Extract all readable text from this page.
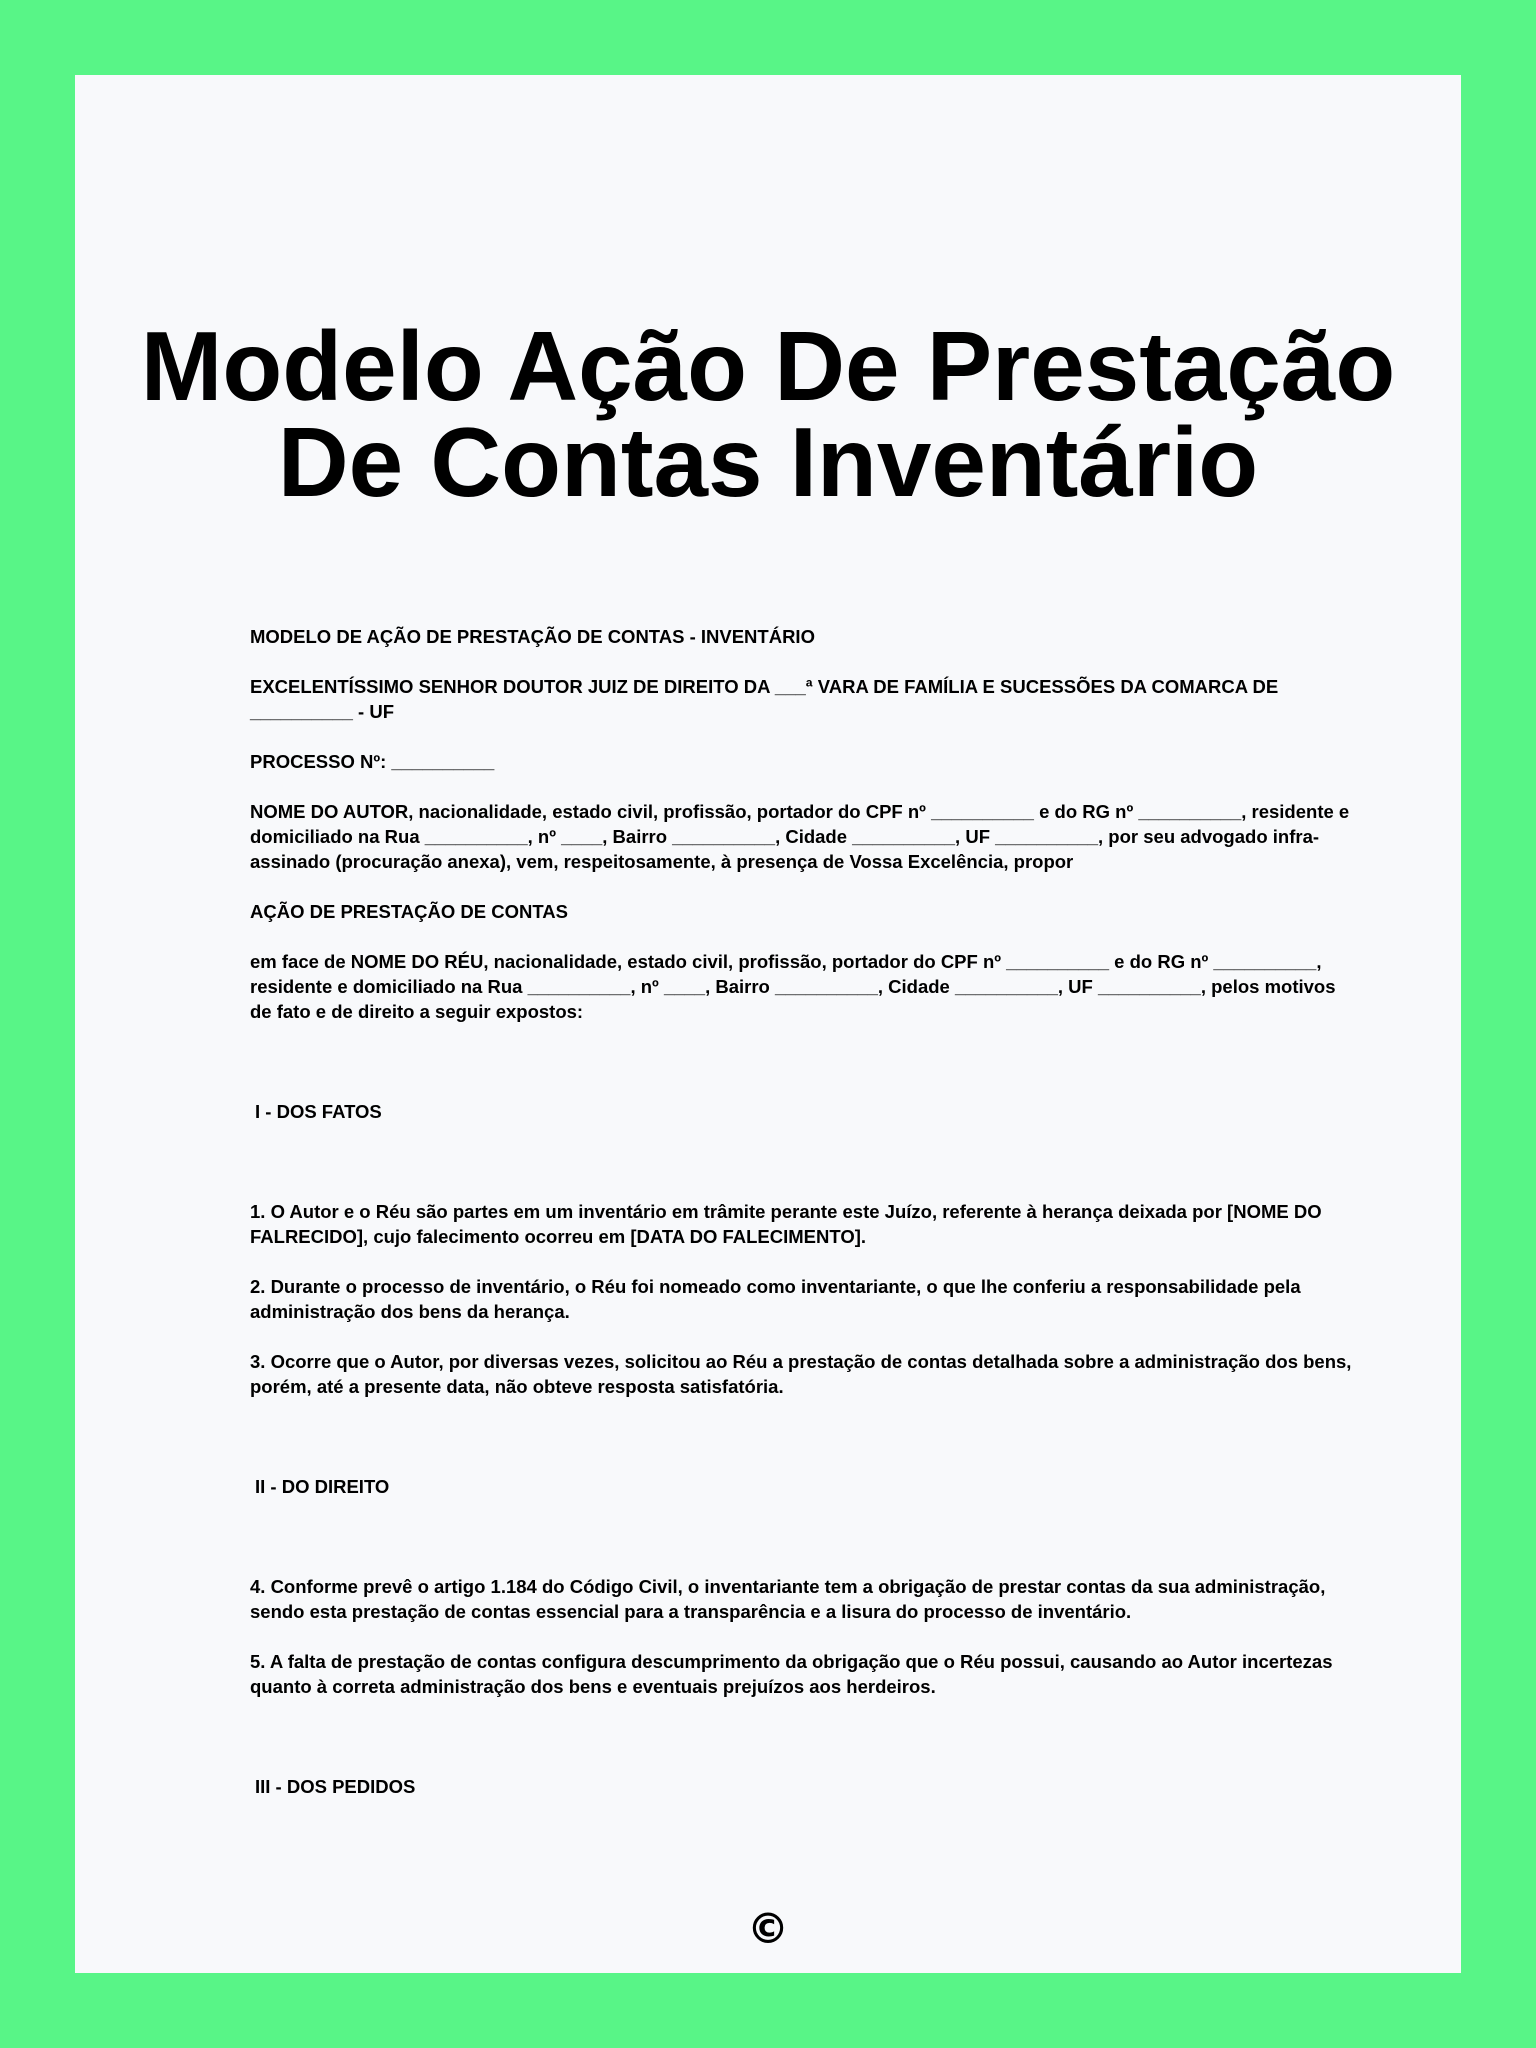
Modelo Ação De Prestação
De Contas Inventário

MODELO DE AÇÃO DE PRESTAÇÃO DE CONTAS - INVENTÁRIO

EXCELENTÍSSIMO SENHOR DOUTOR JUIZ DE DIREITO DA ___ª VARA DE FAMÍLIA E SUCESSÕES DA COMARCA DE __________ - UF

PROCESSO Nº: __________

NOME DO AUTOR, nacionalidade, estado civil, profissão, portador do CPF nº __________ e do RG nº __________, residente e domiciliado na Rua __________, nº ____, Bairro __________, Cidade __________, UF __________, por seu advogado infra-assinado (procuração anexa), vem, respeitosamente, à presença de Vossa Excelência, propor

AÇÃO DE PRESTAÇÃO DE CONTAS

em face de NOME DO RÉU, nacionalidade, estado civil, profissão, portador do CPF nº __________ e do RG nº __________, residente e domiciliado na Rua __________, nº ____, Bairro __________, Cidade __________, UF __________, pelos motivos de fato e de direito a seguir expostos:

I - DOS FATOS

1. O Autor e o Réu são partes em um inventário em trâmite perante este Juízo, referente à herança deixada por [NOME DO FALRECIDO], cujo falecimento ocorreu em [DATA DO FALECIMENTO].

2. Durante o processo de inventário, o Réu foi nomeado como inventariante, o que lhe conferiu a responsabilidade pela administração dos bens da herança.

3. Ocorre que o Autor, por diversas vezes, solicitou ao Réu a prestação de contas detalhada sobre a administração dos bens, porém, até a presente data, não obteve resposta satisfatória.

II - DO DIREITO

4. Conforme prevê o artigo 1.184 do Código Civil, o inventariante tem a obrigação de prestar contas da sua administração, sendo esta prestação de contas essencial para a transparência e a lisura do processo de inventário.

5. A falta de prestação de contas configura descumprimento da obrigação que o Réu possui, causando ao Autor incertezas quanto à correta administração dos bens e eventuais prejuízos aos herdeiros.

III - DOS PEDIDOS

©
